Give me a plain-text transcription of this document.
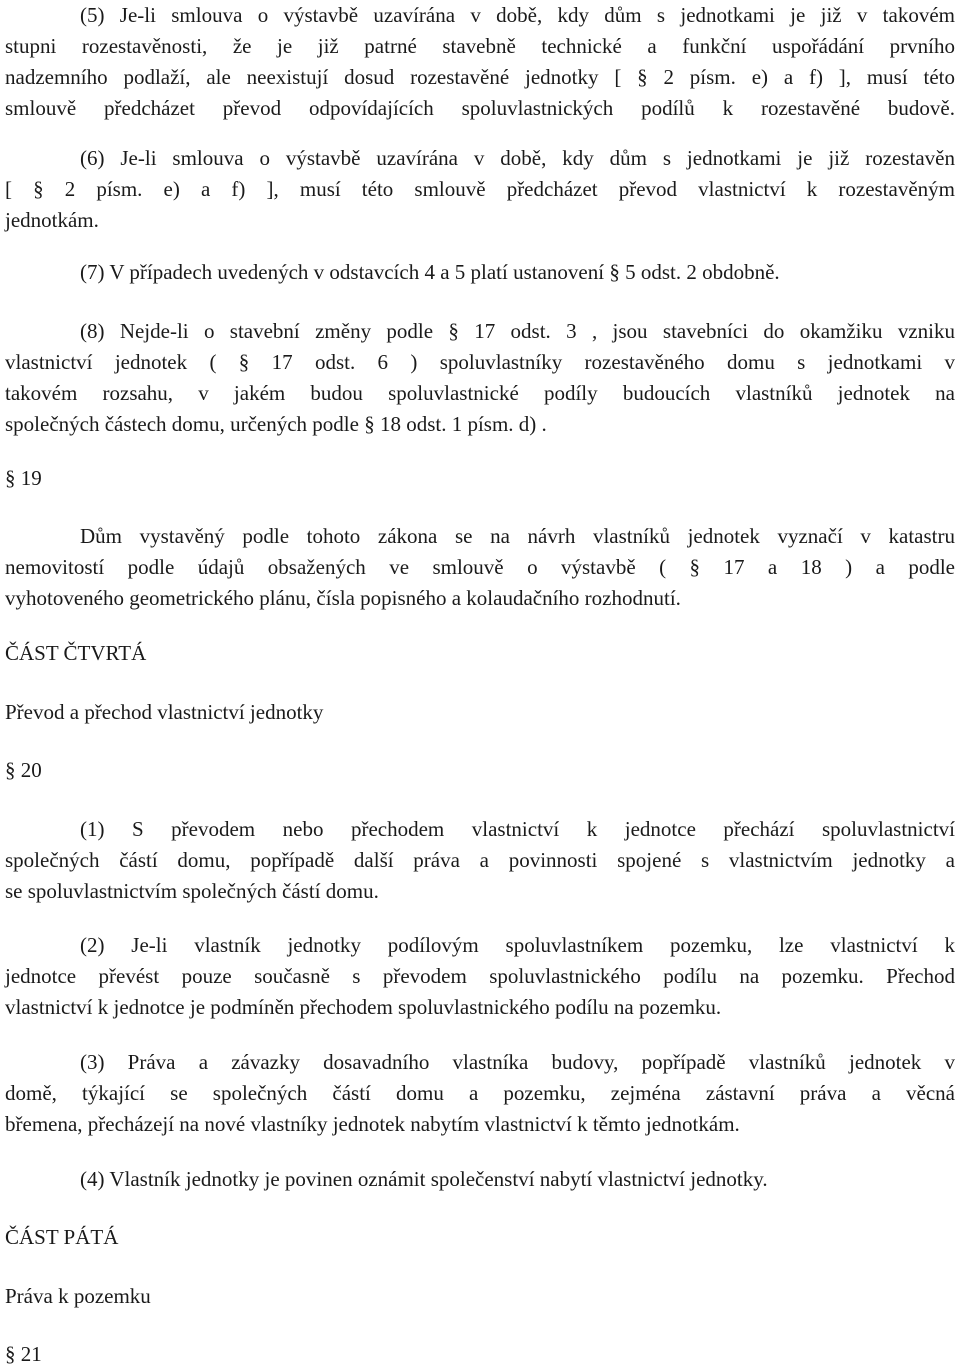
(5) Je-li smlouva o výstavbě uzavírána v době, kdy dům s jednotkami je již v takovém
stupni rozestavěnosti, že je již patrné stavebně technické a funkční uspořádání prvního
nadzemního podlaží, ale neexistují dosud rozestavěné jednotky [ § 2 písm. e) a f) ], musí této
smlouvě předcházet převod odpovídajících spoluvlastnických podílů k rozestavěné budově.
(6) Je-li smlouva o výstavbě uzavírána v době, kdy dům s jednotkami je již rozestavěn
[ § 2 písm. e) a f) ], musí této smlouvě předcházet převod vlastnictví k rozestavěným
jednotkám.
(7) V případech uvedených v odstavcích 4 a 5 platí ustanovení § 5 odst. 2 obdobně.
(8) Nejde-li o stavební změny podle § 17 odst. 3 , jsou stavebníci do okamžiku vzniku
vlastnictví jednotek ( § 17 odst. 6 ) spoluvlastníky rozestavěného domu s jednotkami v
takovém rozsahu, v jakém budou spoluvlastnické podíly budoucích vlastníků jednotek na
společných částech domu, určených podle § 18 odst. 1 písm. d) .
§ 19
Dům vystavěný podle tohoto zákona se na návrh vlastníků jednotek vyznačí v katastru
nemovitostí podle údajů obsažených ve smlouvě o výstavbě ( § 17 a 18 ) a podle
vyhotoveného geometrického plánu, čísla popisného a kolaudačního rozhodnutí.
ČÁST ČTVRTÁ
Převod a přechod vlastnictví jednotky
§ 20
(1) S převodem nebo přechodem vlastnictví k jednotce přechází spoluvlastnictví
společných částí domu, popřípadě další práva a povinnosti spojené s vlastnictvím jednotky a
se spoluvlastnictvím společných částí domu.
(2) Je-li vlastník jednotky podílovým spoluvlastníkem pozemku, lze vlastnictví k
jednotce převést pouze současně s převodem spoluvlastnického podílu na pozemku. Přechod
vlastnictví k jednotce je podmíněn přechodem spoluvlastnického podílu na pozemku.
(3) Práva a závazky dosavadního vlastníka budovy, popřípadě vlastníků jednotek v
domě, týkající se společných částí domu a pozemku, zejména zástavní práva a věcná
břemena, přecházejí na nové vlastníky jednotek nabytím vlastnictví k těmto jednotkám.
(4) Vlastník jednotky je povinen oznámit společenství nabytí vlastnictví jednotky.
ČÁST PÁTÁ
Práva k pozemku
§ 21
